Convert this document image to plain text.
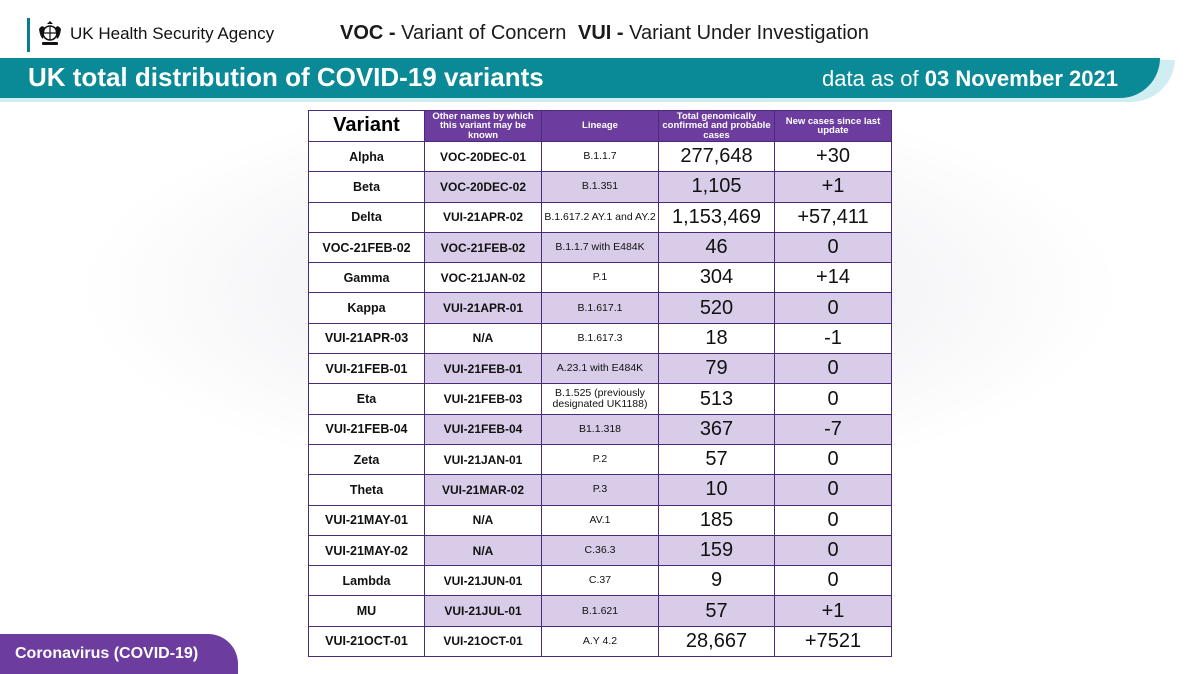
UK Health Security Agency	VOC - Variant of Concern VUI - Variant Under Investigation
UK total distribution of COVID-19 variants	data as of 03 November 2021
Variant	Other names by which this variant may be known	Lineage	Total genomically confirmed and probable cases	New cases since last update
Alpha	VOC-20DEC-01	B.1.1.7	277,648	+30
Beta	VOC-20DEC-02	B.1.351	1,105	+1
Delta	VUI-21APR-02	B.1.617.2 AY.1 and AY.2	1,153,469	+57,411
VOC-21FEB-02	VOC-21FEB-02	B.1.1.7 with E484K	46	0
Gamma	VOC-21JAN-02	P.1	304	+14
Kappa	VUI-21APR-01	B.1.617.1	520	0
VUI-21APR-03	N/A	B.1.617.3	18	-1
VUI-21FEB-01	VUI-21FEB-01	A.23.1 with E484K	79	0
Eta	VUI-21FEB-03	B.1.525 (previously designated UK1188)	513	0
VUI-21FEB-04	VUI-21FEB-04	B1.1.318	367	-7
Zeta	VUI-21JAN-01	P.2	57	0
Theta	VUI-21MAR-02	P.3	10	0
VUI-21MAY-01	N/A	AV.1	185	0
VUI-21MAY-02	N/A	C.36.3	159	0
Lambda	VUI-21JUN-01	C.37	9	0
MU	VUI-21JUL-01	B.1.621	57	+1
VUI-21OCT-01	VUI-21OCT-01	A.Y 4.2	28,667	+7521
Coronavirus (COVID-19)
